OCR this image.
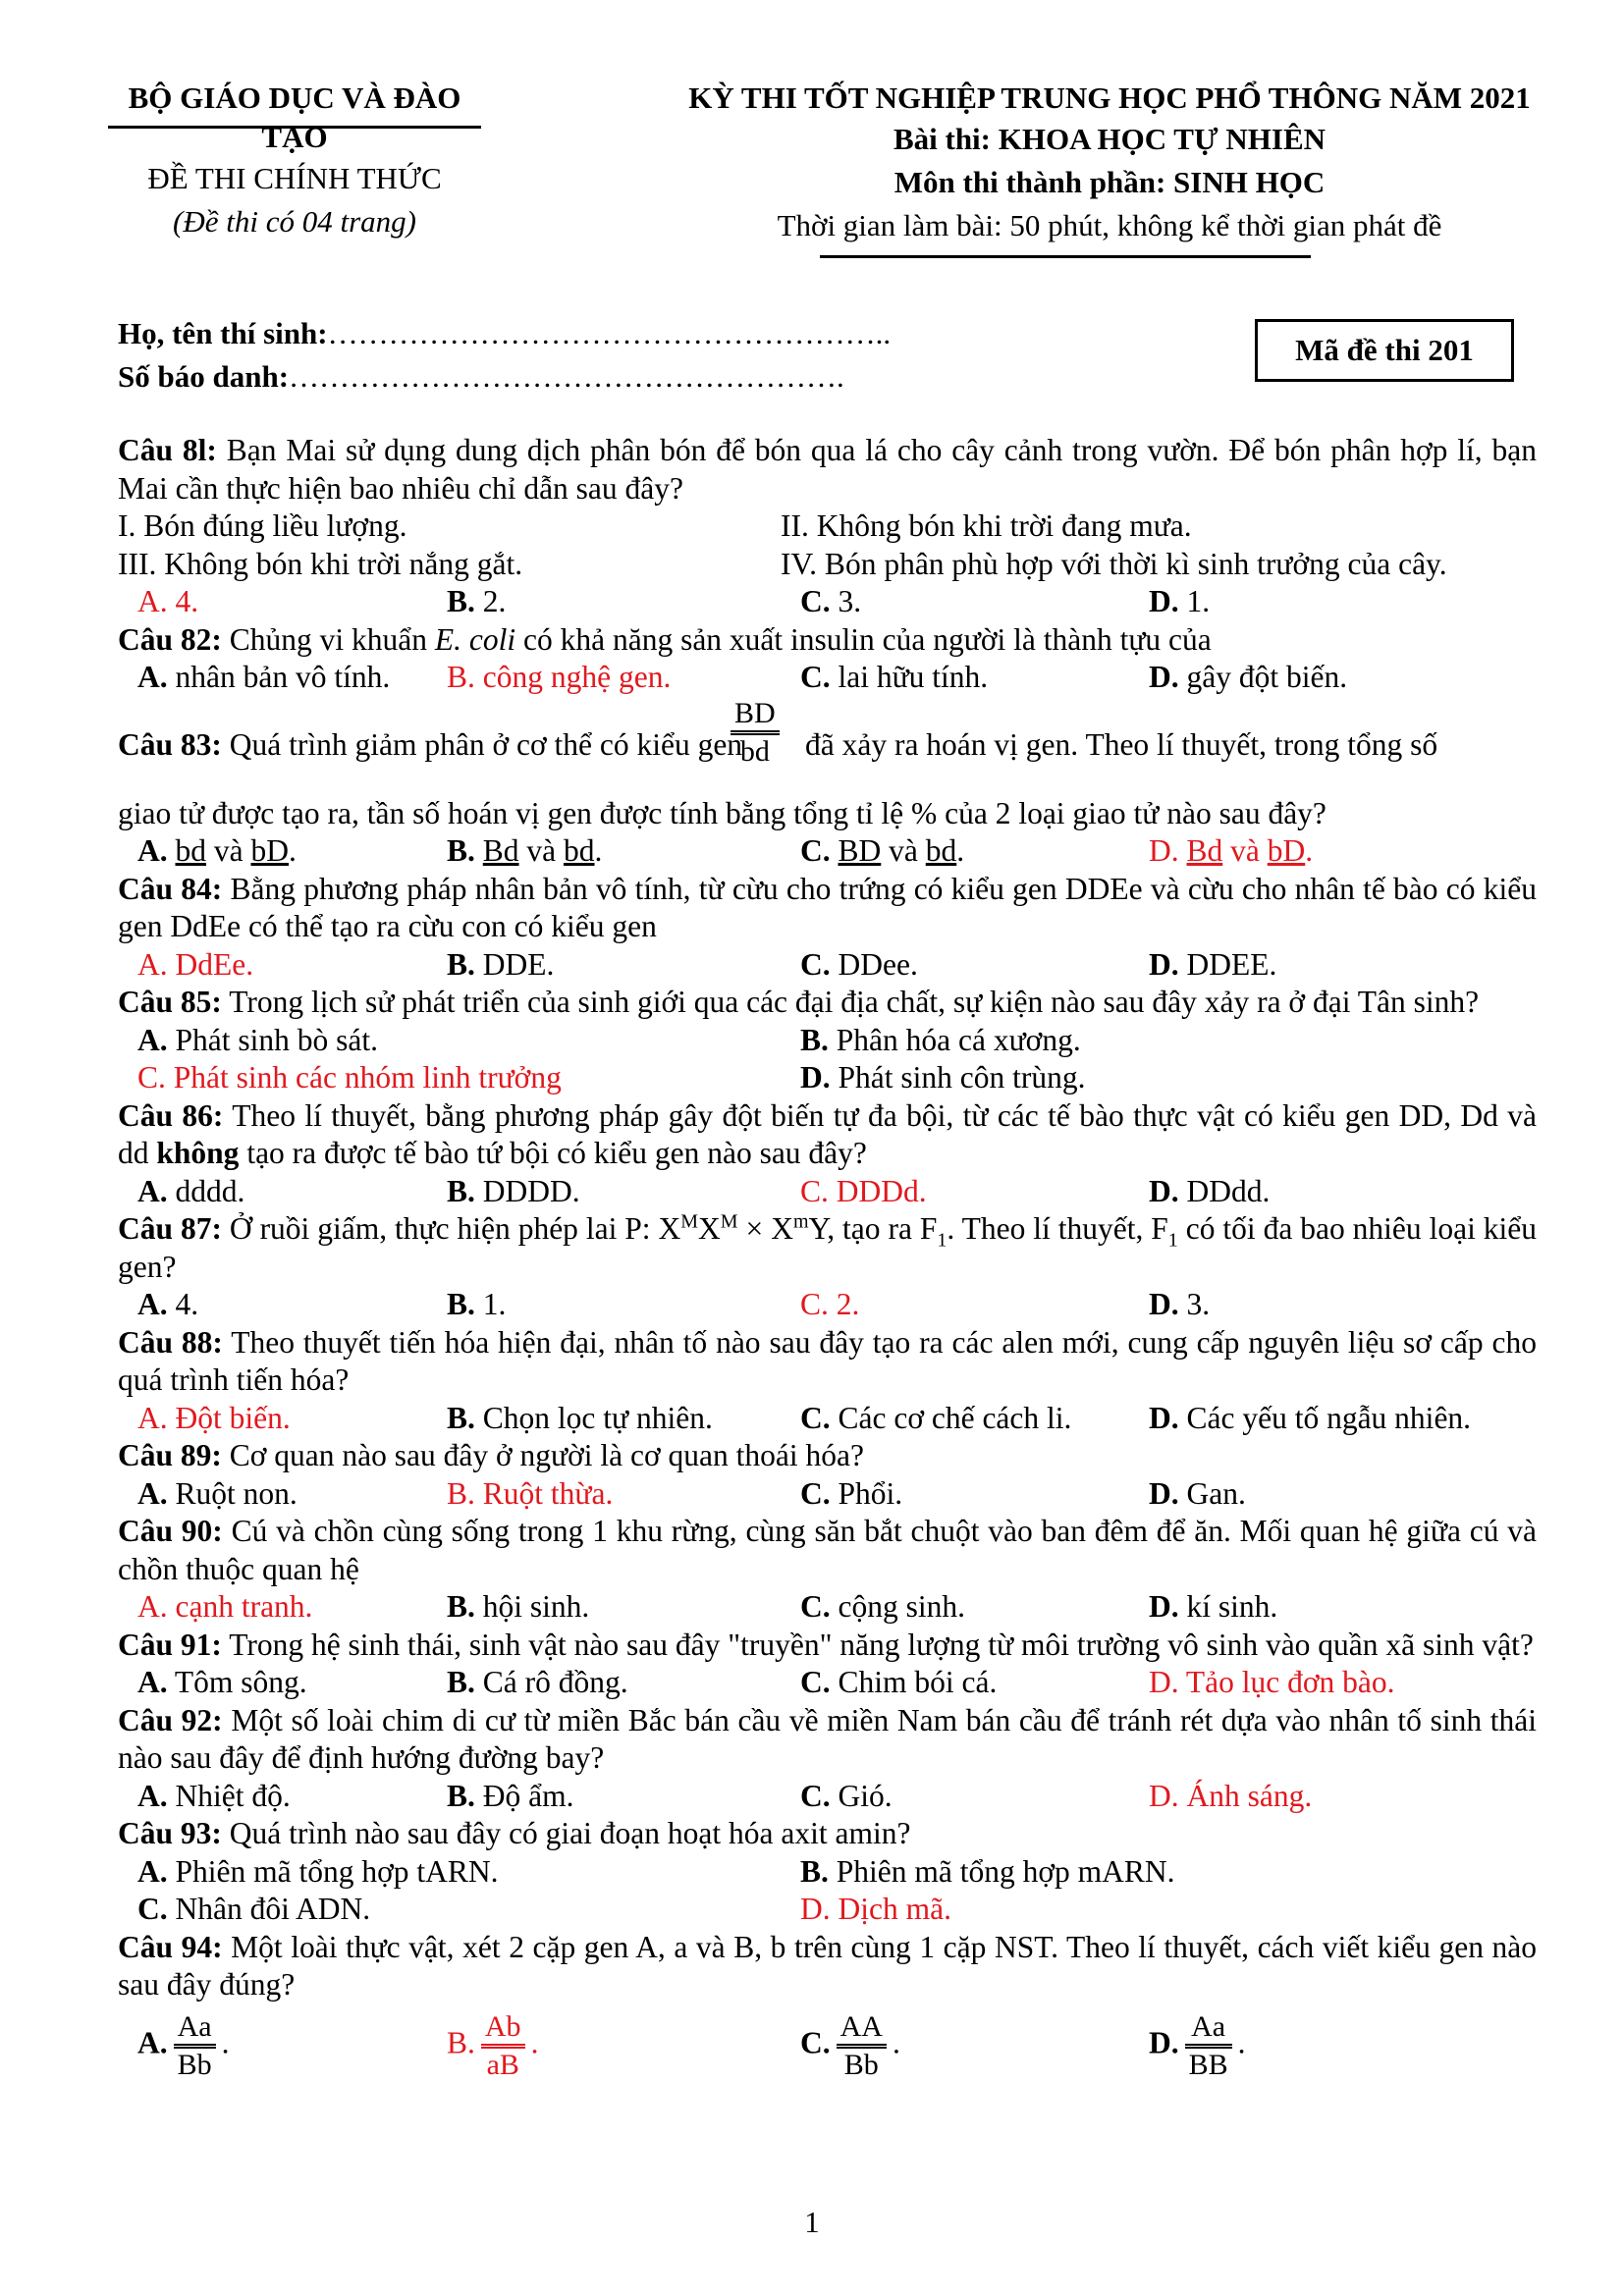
BỘ GIÁO DỤC VÀ ĐÀO TẠO
ĐỀ THI CHÍNH THỨC
(Đề thi có 04 trang)
KỲ THI TỐT NGHIỆP TRUNG HỌC PHỔ THÔNG NĂM 2021
Bài thi: KHOA HỌC TỰ NHIÊN
Môn thi thành phần: SINH HỌC
Thời gian làm bài: 50 phút, không kể thời gian phát đề
Họ, tên thí sinh:………………………………………………..
Số báo danh:……………………………………………….
Mã đề thi 201
Câu 8l: Bạn Mai sử dụng dung dịch phân bón để bón qua lá cho cây cảnh trong vườn. Để bón phân hợp lí, bạn Mai cần thực hiện bao nhiêu chỉ dẫn sau đây?
I. Bón đúng liều lượng.	II. Không bón khi trời đang mưa.
III. Không bón khi trời nắng gắt.	IV. Bón phân phù hợp với thời kì sinh trưởng của cây.
A. 4.	B. 2.	C. 3.	D. 1.
Câu 82: Chủng vi khuẩn E. coli có khả năng sản xuất insulin của người là thành tựu của
A. nhân bản vô tính. B. công nghệ gen.	C. lai hữu tính.	D. gây đột biến.
Câu 83: Quá trình giảm phân ở cơ thể có kiểu gen
$\frac{BD}{bd}$ đã xảy ra hoán vị gen. Theo lí thuyết, trong tổng số
giao tử được tạo ra, tần số hoán vị gen được tính bằng tổng tỉ lệ % của 2 loại giao tử nào sau đây?
A. bd và bD.	B. Bd và bd.	C. BD và bd.	D. Bd và bD.
Câu 84: Bằng phương pháp nhân bản vô tính, từ cừu cho trứng có kiểu gen DDEe và cừu cho nhân tế bào có kiểu gen DdEe có thể tạo ra cừu con có kiểu gen
A. DdEe.	B. DDE.	C. DDee.	D. DDEE.
Câu 85: Trong lịch sử phát triển của sinh giới qua các đại địa chất, sự kiện nào sau đây xảy ra ở đại Tân sinh?
A. Phát sinh bò sát.	B. Phân hóa cá xương.
C. Phát sinh các nhóm linh trưởng	D. Phát sinh côn trùng.
Câu 86: Theo lí thuyết, bằng phương pháp gây đột biến tự đa bội, từ các tế bào thực vật có kiểu gen DD, Dd và dd không tạo ra được tế bào tứ bội có kiểu gen nào sau đây?
A. dddd.	B. DDDD.	C. DDDd.	D. DDdd.
Câu 87: Ở ruồi giấm, thực hiện phép lai P: $X^MX^M \times X^mY$, tạo ra $F_1$. Theo lí thuyết, $F_1$ có tối đa bao nhiêu loại kiểu gen?
A. 4.	B. 1.	C. 2.	D. 3.
Câu 88: Theo thuyết tiến hóa hiện đại, nhân tố nào sau đây tạo ra các alen mới, cung cấp nguyên liệu sơ cấp cho quá trình tiến hóa?
A. Đột biến.	B. Chọn lọc tự nhiên.	C. Các cơ chế cách li. D. Các yếu tố ngẫu nhiên.
Câu 89: Cơ quan nào sau đây ở người là cơ quan thoái hóa?
A. Ruột non.	B. Ruột thừa.	C. Phổi.	D. Gan.
Câu 90: Cú và chồn cùng sống trong 1 khu rừng, cùng săn bắt chuột vào ban đêm để ăn. Mối quan hệ giữa cú và chồn thuộc quan hệ
A. cạnh tranh.	B. hội sinh.	C. cộng sinh.	D. kí sinh.
Câu 91: Trong hệ sinh thái, sinh vật nào sau đây "truyền" năng lượng từ môi trường vô sinh vào quần xã sinh vật?
A. Tôm sông.	B. Cá rô đồng.	C. Chim bói cá.	D. Tảo lục đơn bào.
Câu 92: Một số loài chim di cư từ miền Bắc bán cầu về miền Nam bán cầu để tránh rét dựa vào nhân tố sinh thái nào sau đây để định hướng đường bay?
A. Nhiệt độ.	B. Độ ẩm.	C. Gió.	D. Ánh sáng.
Câu 93: Quá trình nào sau đây có giai đoạn hoạt hóa axit amin?
A. Phiên mã tổng hợp tARN.	B. Phiên mã tổng hợp mARN.
C. Nhân đôi ADN.	D. Dịch mã.
Câu 94: Một loài thực vật, xét 2 cặp gen A, a và B, b trên cùng 1 cặp NST. Theo lí thuyết, cách viết kiểu gen nào sau đây đúng?
A. $\frac{Aa}{Bb}$ .	B. $\frac{Ab}{aB}$ .	C. $\frac{AA}{Bb}$ .	D. $\frac{Aa}{BB}$ .
1
